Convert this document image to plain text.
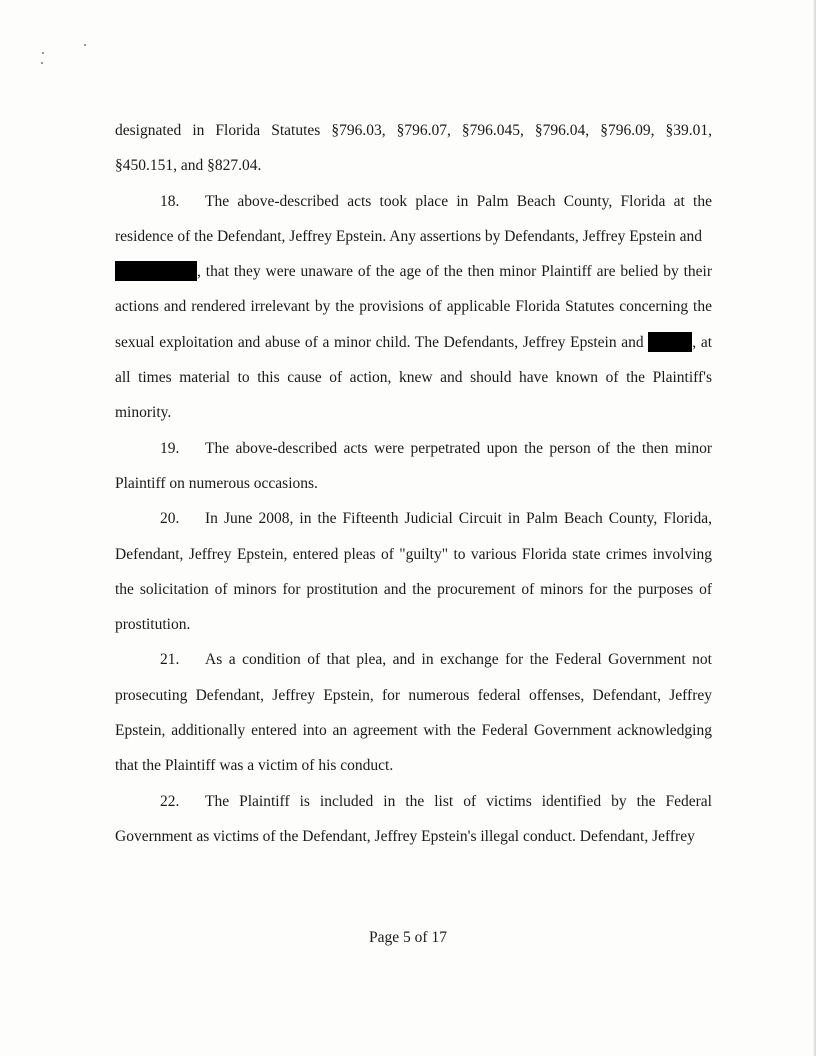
designated in Florida Statutes §796.03, §796.07, §796.045, §796.04, §796.09, §39.01, §450.151, and §827.04.

18. The above-described acts took place in Palm Beach County, Florida at the residence of the Defendant, Jeffrey Epstein. Any assertions by Defendants, Jeffrey Epstein and
, that they were unaware of the age of the then minor Plaintiff are belied by their actions and rendered irrelevant by the provisions of applicable Florida Statutes concerning the sexual exploitation and abuse of a minor child. The Defendants, Jeffrey Epstein and	, at all times material to this cause of action, knew and should have known of the Plaintiff's minority.

19. The above-described acts were perpetrated upon the person of the then minor Plaintiff on numerous occasions.

20. In June 2008, in the Fifteenth Judicial Circuit in Palm Beach County, Florida, Defendant, Jeffrey Epstein, entered pleas of "guilty" to various Florida state crimes involving the solicitation of minors for prostitution and the procurement of minors for the purposes of prostitution.

21. As a condition of that plea, and in exchange for the Federal Government not prosecuting Defendant, Jeffrey Epstein, for numerous federal offenses, Defendant, Jeffrey Epstein, additionally entered into an agreement with the Federal Government acknowledging that the Plaintiff was a victim of his conduct.

22. The Plaintiff is included in the list of victims identified by the Federal Government as victims of the Defendant, Jeffrey Epstein's illegal conduct. Defendant, Jeffrey

Page 5 of 17
